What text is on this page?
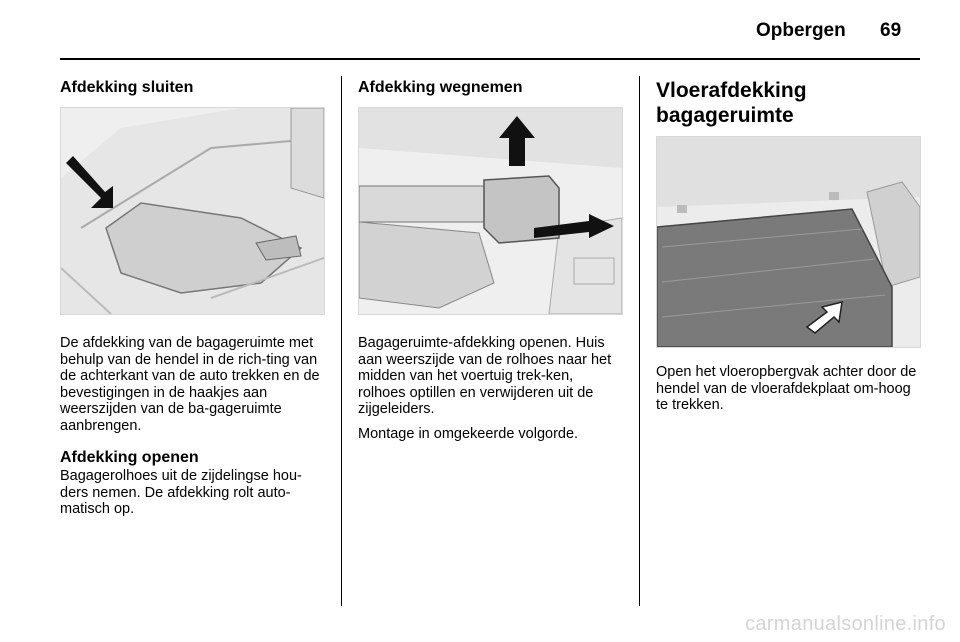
Opbergen 69
Afdekking sluiten

De afdekking van de bagageruimte met behulp van de hendel in de rich-ting van de achterkant van de auto trekken en de bevestigingen in de haakjes aan weerszijden van de ba-gageruimte aanbrengen.

Afdekking openen

Bagagerolhoes uit de zijdelingse hou-ders nemen. De afdekking rolt auto-matisch op.

Afdekking wegnemen

Bagageruimte-afdekking openen. Huis aan weerszijde van de rolhoes naar het midden van het voertuig trek-ken, rolhoes optillen en verwijderen uit de zijgeleiders.

Montage in omgekeerde volgorde.

Vloerafdekking bagageruimte

Open het vloeropbergvak achter door de hendel van de vloerafdekplaat om-hoog te trekken.

carmanualsonline.info
